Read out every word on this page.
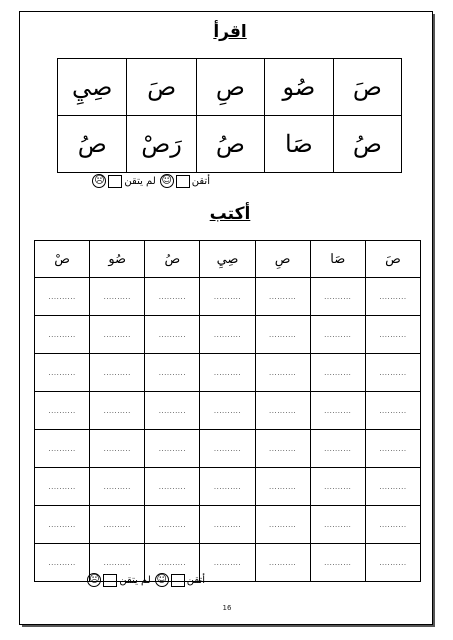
اقرأ
صَ	صُو	صِ	صَ	صِيِ
صُ	صَا	صُ	رَصْ	صُ
أتقن
☺
لم يتقن
☹
أكتب
صَ	صَا	صِ	صِيِ	صُ	صُو	صْ
..........	..........	..........	..........	..........	..........	..........
..........	..........	..........	..........	..........	..........	..........
..........	..........	..........	..........	..........	..........	..........
..........	..........	..........	..........	..........	..........	..........
..........	..........	..........	..........	..........	..........	..........
..........	..........	..........	..........	..........	..........	..........
..........	..........	..........	..........	..........	..........	..........
..........	..........	..........	..........	..........	..........	..........
أتقن
☺
لم يتقن
☹
16
